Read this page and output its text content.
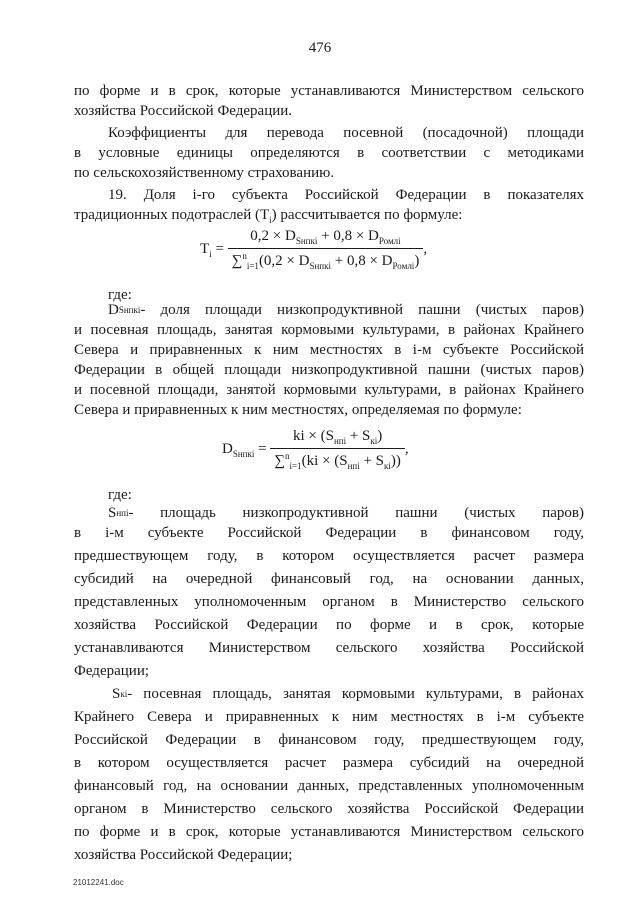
476
по форме и в срок, которые устанавливаются Министерством сельского
хозяйства Российской Федерации.
Коэффициенты для перевода посевной (посадочной) площади
в условные единицы определяются в соответствии с методиками
по сельскохозяйственному страхованию.
19. Доля i-го субъекта Российской Федерации в показателях
традиционных подотраслей $(T_i)$ рассчитывается по формуле:
$T_i = \frac{0,2 \times D_{Sнпкi} + 0,8 \times D_{Ромлi}}{\sum^n_{i=1}(0,2 \times D_{Sнпкi} + 0,8 \times D_{Ромлi})}$ ,
где:
D Sнпкi - доля площади низкопродуктивной пашни (чистых паров)
и посевная площадь, занятая кормовыми культурами, в районах Крайнего
Севера и приравненных к ним местностях в i-м субъекте Российской
Федерации в общей площади низкопродуктивной пашни (чистых паров)
и посевной площади, занятой кормовыми культурами, в районах Крайнего
Севера и приравненных к ним местностях, определяемая по формуле:
$D_{Sнпкi} = \frac{ki \times (S_{нпi} + S_{кi})}{\sum^n_{i=1}(ki \times (S_{нпi} + S_{кi}))}$ ,
где:
S нпi - площадь низкопродуктивной пашни (чистых паров)
в i-м субъекте Российской Федерации в финансовом году,
предшествующем году, в котором осуществляется расчет размера
субсидий на очередной финансовый год, на основании данных,
представленных уполномоченным органом в Министерство сельского
хозяйства Российской Федерации по форме и в срок, которые
устанавливаются Министерством сельского хозяйства Российской
Федерации;
S кi - посевная площадь, занятая кормовыми культурами, в районах
Крайнего Севера и приравненных к ним местностях в i-м субъекте
Российской Федерации в финансовом году, предшествующем году,
в котором осуществляется расчет размера субсидий на очередной
финансовый год, на основании данных, представленных уполномоченным
органом в Министерство сельского хозяйства Российской Федерации
по форме и в срок, которые устанавливаются Министерством сельского
хозяйства Российской Федерации;
21012241.doc
